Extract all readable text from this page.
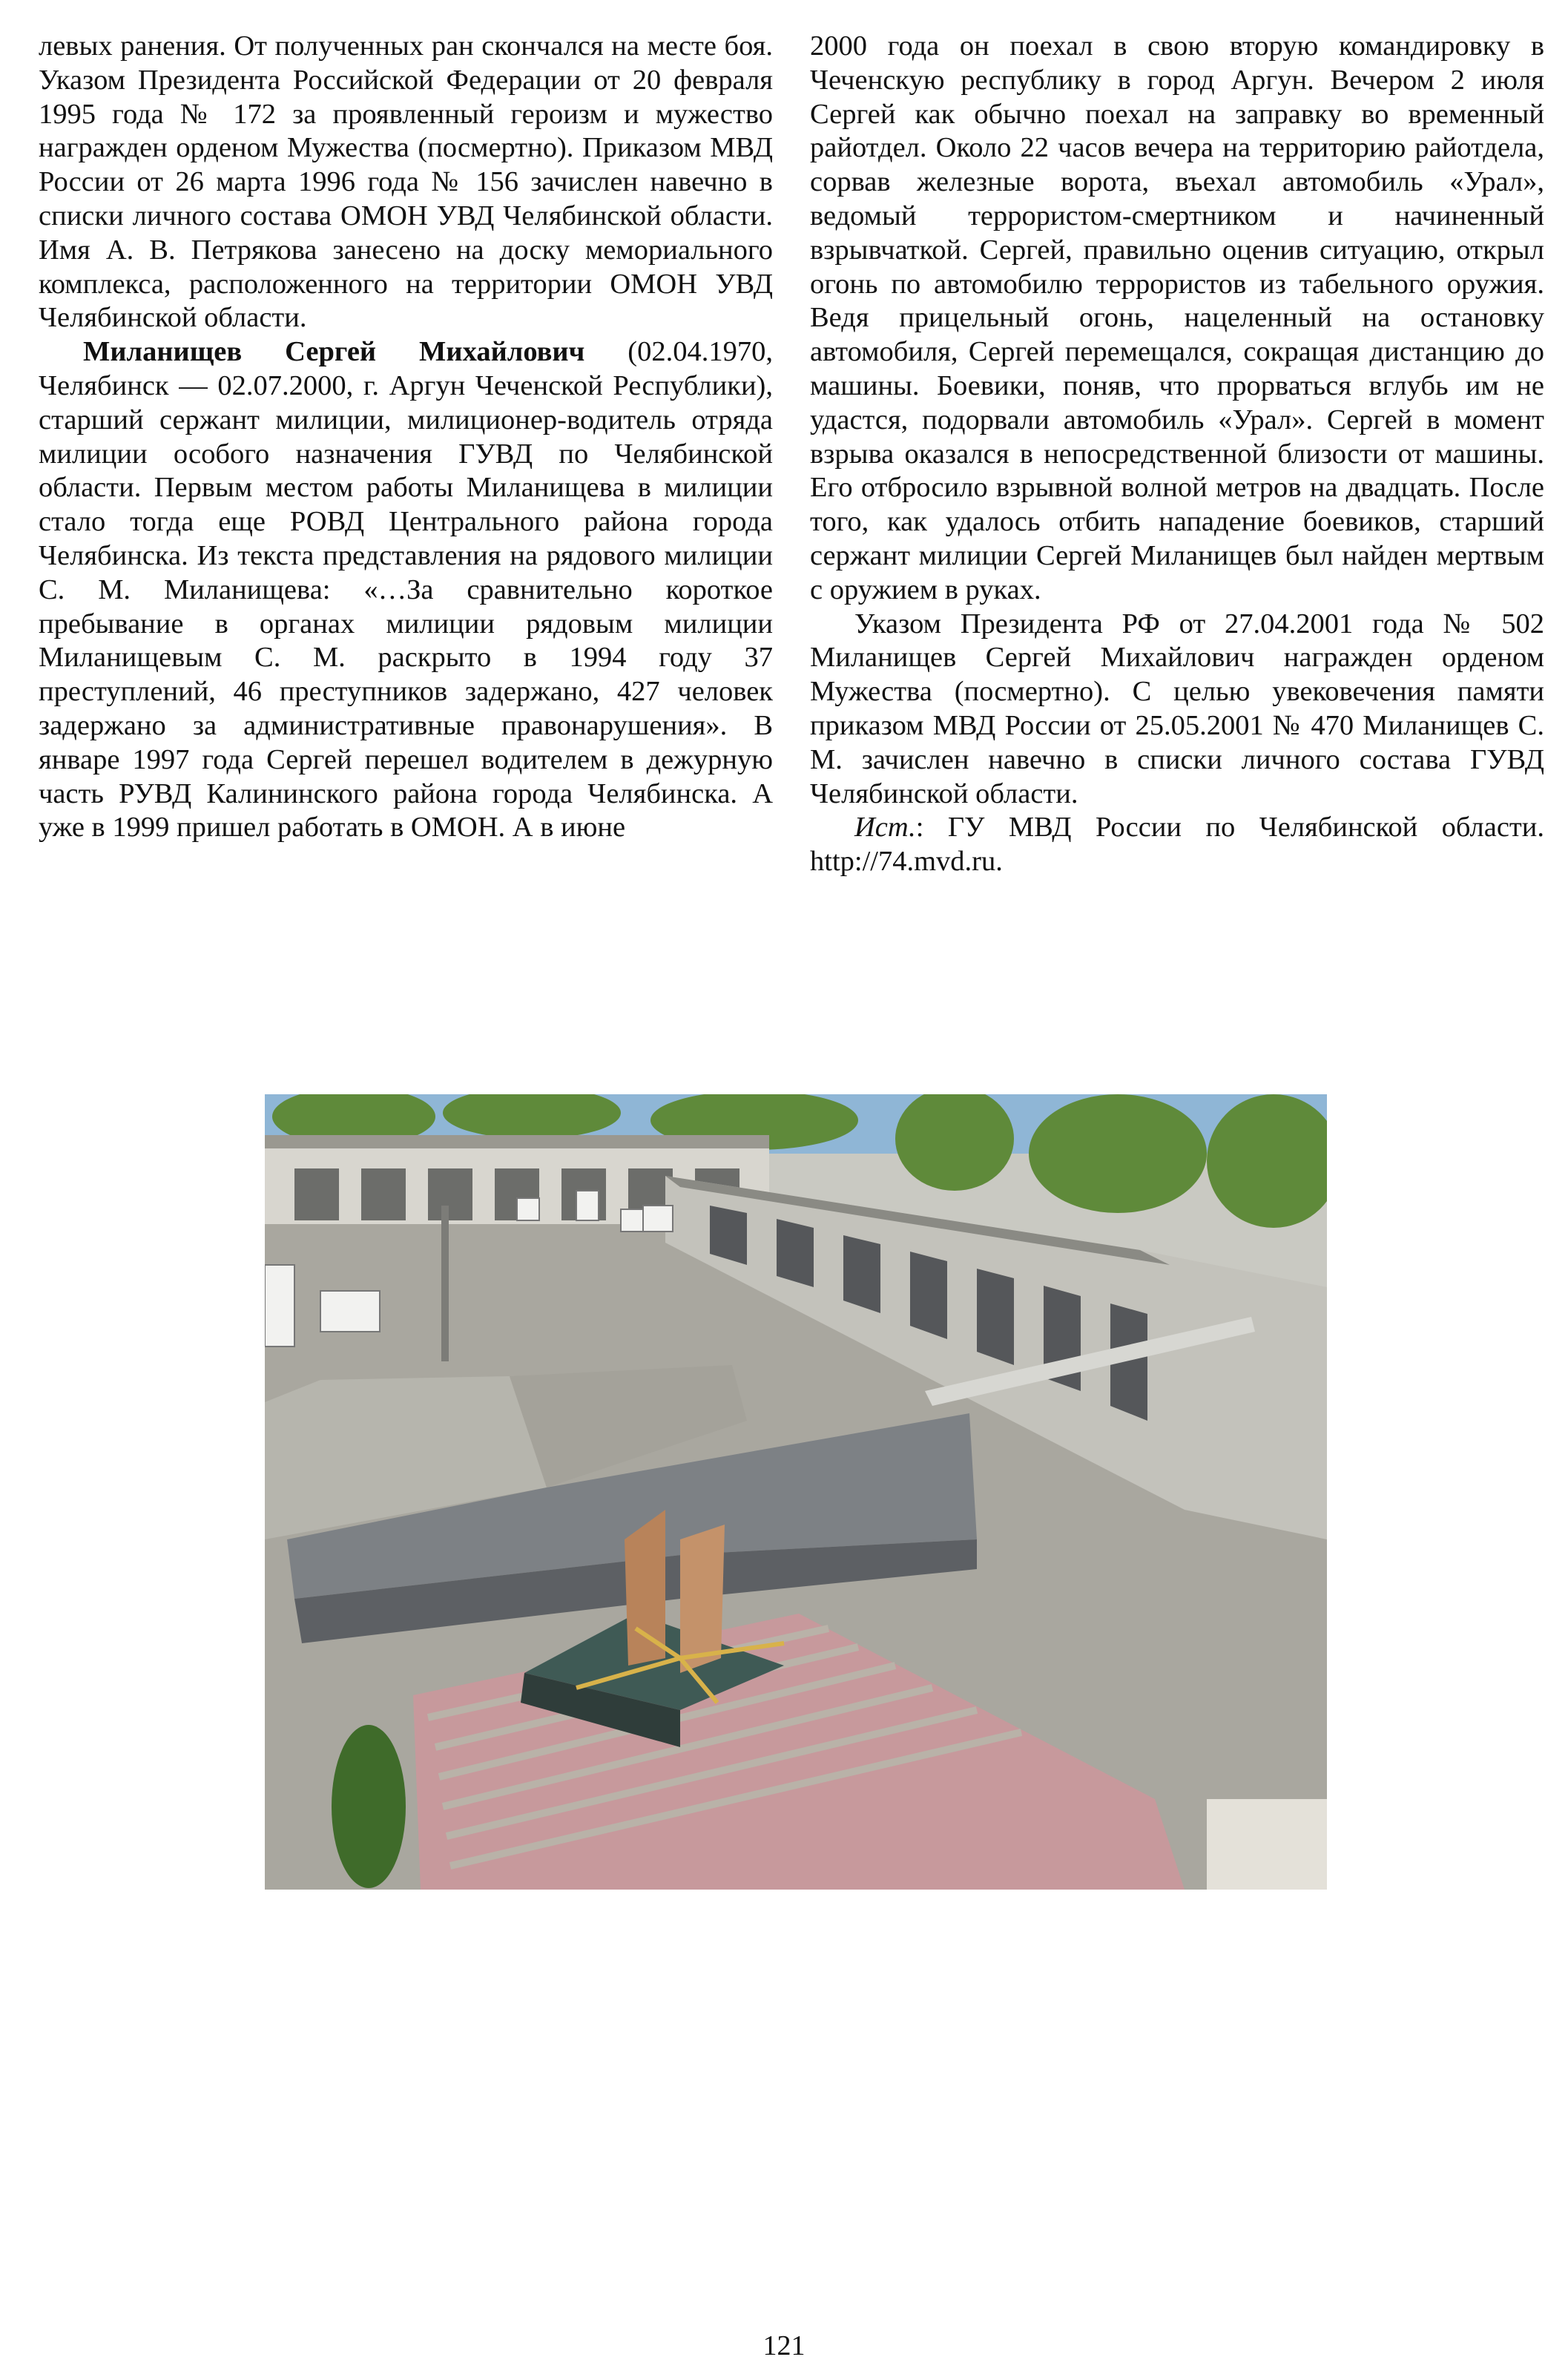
левых ранения. От полученных ран скончался на месте боя. Указом Президента Российской Федерации от 20 февраля 1995 года № 172 за проявленный героизм и мужество награжден орденом Мужества (посмертно). Приказом МВД России от 26 марта 1996 года № 156 зачислен навечно в списки личного состава ОМОН УВД Челябинской области. Имя А. В. Петрякова занесено на доску мемориального комплекса, расположенного на территории ОМОН УВД Челябинской области.

Миланищев Сергей Михайлович (02.04.1970, Челябинск — 02.07.2000, г. Аргун Чеченской Республики), старший сержант милиции, милиционер-водитель отряда милиции особого назначения ГУВД по Челябинской области. Первым местом работы Миланищева в милиции стало тогда еще РОВД Центрального района города Челябинска. Из текста представления на рядового милиции С. М. Миланищева: «…За сравнительно короткое пребывание в органах милиции рядовым милиции Миланищевым С. М. раскрыто в 1994 году 37 преступлений, 46 преступников задержано, 427 человек задержано за административные правонарушения». В январе 1997 года Сергей перешел водителем в дежурную часть РУВД Калининского района города Челябинска. А уже в 1999 пришел работать в ОМОН. А в июне

2000 года он поехал в свою вторую командировку в Чеченскую республику в город Аргун. Вечером 2 июля Сергей как обычно поехал на заправку во временный райотдел. Около 22 часов вечера на территорию райотдела, сорвав железные ворота, въехал автомобиль «Урал», ведомый террористом-смертником и начиненный взрывчаткой. Сергей, правильно оценив ситуацию, открыл огонь по автомобилю террористов из табельного оружия. Ведя прицельный огонь, нацеленный на остановку автомобиля, Сергей перемещался, сокращая дистанцию до машины. Боевики, поняв, что прорваться вглубь им не удастся, подорвали автомобиль «Урал». Сергей в момент взрыва оказался в непосредственной близости от машины. Его отбросило взрывной волной метров на двадцать. После того, как удалось отбить нападение боевиков, старший сержант милиции Сергей Миланищев был найден мертвым с оружием в руках.

Указом Президента РФ от 27.04.2001 года № 502 Миланищев Сергей Михайлович награжден орденом Мужества (посмертно). С целью увековечения памяти приказом МВД России от 25.05.2001 № 470 Миланищев С. М. зачислен навечно в списки личного состава ГУВД Челябинской области.

Ист.: ГУ МВД России по Челябинской области. http://74.mvd.ru.

121
